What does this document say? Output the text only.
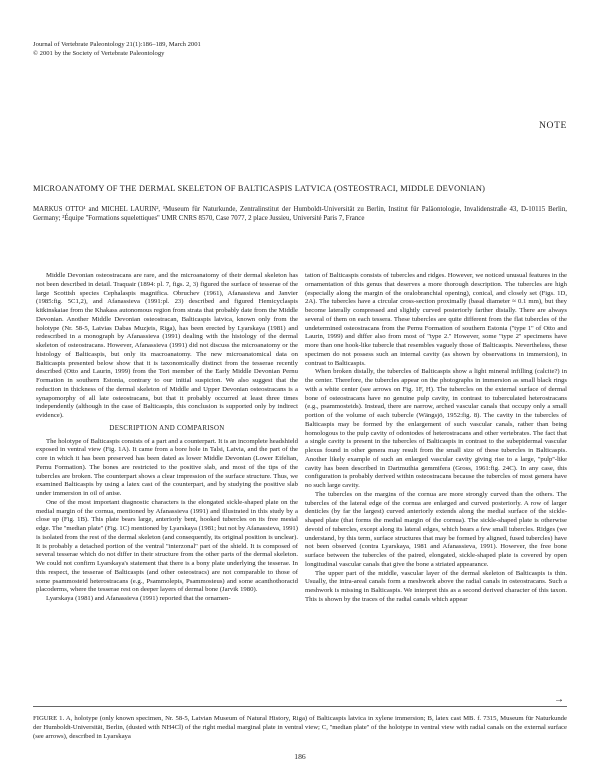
Journal of Vertebrate Paleontology 21(1):186–189, March 2001
© 2001 by the Society of Vertebrate Paleontology
NOTE
MICROANATOMY OF THE DERMAL SKELETON OF BALTICASPIS LATVICA (OSTEOSTRACI, MIDDLE DEVONIAN)
MARKUS OTTO¹ and MICHEL LAURIN², ¹Museum für Naturkunde, Zentralinstitut der Humboldt-Universität zu Berlin, Institut für Paläontologie, Invalidenstraße 43, D-10115 Berlin, Germany; ²Équipe ''Formations squelettiques'' UMR CNRS 8570, Case 7077, 2 place Jussieu, Université Paris 7, France

Middle Devonian osteostracans are rare, and the microanatomy of their dermal skeleton has not been described in detail. Traquair (1894: pl. 7, figs. 2, 3) figured the surface of tesserae of the large Scottish species Cephalaspis magnifica. Obruchev (1961), Afanassieva and Janvier (1985:fig. 5C1,2), and Afanassieva (1991:pl. 23) described and figured Hemicyclaspis kitkinskaiae from the Khakass autonomous region from strata that probably date from the Middle Devonian. Another Middle Devonian osteostracan, Balticaspis latvica, known only from the holotype (Nr. 58-5, Latvias Dabas Muzjeis, Riga), has been erected by Lyarskaya (1981) and redescribed in a monograph by Afanassieva (1991) dealing with the histology of the dermal skeleton of osteostracans. However, Afanassieva (1991) did not discuss the microanatomy or the histology of Balticaspis, but only its macroanatomy. The new microanatomical data on Balticaspis presented below show that it is taxonomically distinct from the tesserae recently described (Otto and Laurin, 1999) from the Tori member of the Early Middle Devonian Pernu Formation in southern Estonia, contrary to our initial suspicion. We also suggest that the reduction in thickness of the dermal skeleton of Middle and Upper Devonian osteostracans is a synapomorphy of all late osteostracans, but that it probably occurred at least three times independently (although in the case of Balticaspis, this conclusion is supported only by indirect evidence).

DESCRIPTION AND COMPARISON

The holotype of Balticaspis consists of a part and a counterpart. It is an incomplete headshield exposed in ventral view (Fig. 1A). It came from a bore hole in Talsi, Latvia, and the part of the core in which it has been preserved has been dated as lower Middle Devonian (Lower Eifelian, Pernu Formation). The bones are restricted to the positive slab, and most of the tips of the tubercles are broken. The counterpart shows a clear impression of the surface structure. Thus, we examined Balticaspis by using a latex cast of the counterpart, and by studying the positive slab under immersion in oil of anise.

One of the most important diagnostic characters is the elongated sickle-shaped plate on the medial margin of the cornua, mentioned by Afanassieva (1991) and illustrated in this study by a close up (Fig. 1B). This plate bears large, anteriorly bent, hooked tubercles on its free mesial edge. The ''median plate'' (Fig. 1C) mentioned by Lyarskaya (1981; but not by Afanassieva, 1991) is isolated from the rest of the dermal skeleton (and consequently, its original position is unclear). It is probably a detached portion of the ventral ''interzonal'' part of the shield. It is composed of several tesserae which do not differ in their structure from the other parts of the dermal skeleton. We could not confirm Lyarskaya's statement that there is a bony plate underlying the tesserae. In this respect, the tesserae of Balticaspis (and other osteostracs) are not comparable to those of some psammosteid heterostracans (e.g., Psammolepis, Psammosteus) and some acanthothoracid placoderms, where the tesserae rest on deeper layers of dermal bone (Jarvik 1980).

Lyarskaya (1981) and Afanassieva (1991) reported that the ornamen-

tation of Balticaspis consists of tubercles and ridges. However, we noticed unusual features in the ornamentation of this genus that deserves a more thorough description. The tubercles are high (especially along the margin of the oralobranchial opening), conical, and closely set (Figs. 1D, 2A). The tubercles have a circular cross-section proximally (basal diameter ≈ 0.1 mm), but they become laterally compressed and slightly curved posteriorly farther distally. There are always several of them on each tessera. These tubercles are quite different from the flat tubercles of the undetermined osteostracans from the Pernu Formation of southern Estonia (''type 1'' of Otto and Laurin, 1999) and differ also from most of ''type 2.'' However, some ''type 2'' specimens have more than one hook-like tubercle that resembles vaguely those of Balticaspis. Nevertheless, these specimen do not possess such an internal cavity (as shown by observations in immersion), in contrast to Balticaspis.

When broken distally, the tubercles of Balticaspis show a light mineral infilling (calcite?) in the center. Therefore, the tubercles appear on the photographs in immersion as small black rings with a white center (see arrows on Fig. 1F, H). The tubercles on the external surface of dermal bone of osteostracans have no genuine pulp cavity, in contrast to tuberculated heterostracans (e.g., psammosteids). Instead, there are narrow, arched vascular canals that occupy only a small portion of the volume of each tubercle (Wängsjö, 1952:fig. 8). The cavity in the tubercles of Balticaspis may be formed by the enlargement of such vascular canals, rather than being homologous to the pulp cavity of odontodes of heterostracans and other vertebrates. The fact that a single cavity is present in the tubercles of Balticaspis in contrast to the subepidermal vascular plexus found in other genera may result from the small size of these tubercles in Balticaspis. Another likely example of such an enlarged vascular cavity giving rise to a large, ''pulp''-like cavity has been described in Dartmuthia gemmifera (Gross, 1961:fig. 24C). In any case, this configuration is probably derived within osteostracans because the tubercles of most genera have no such large cavity.

The tubercles on the margins of the cornua are more strongly curved than the others. The tubercles of the lateral edge of the cornua are enlarged and curved posteriorly. A row of larger denticles (by far the largest) curved anteriorly extends along the medial surface of the sickle-shaped plate (that forms the medial margin of the cornua). The sickle-shaped plate is otherwise devoid of tubercles, except along its lateral edges, which bears a few small tubercles. Ridges (we understand, by this term, surface structures that may be formed by aligned, fused tubercles) have not been observed (contra Lyarskaya, 1981 and Afanassieva, 1991). However, the free bone surface between the tubercles of the paired, elongated, sickle-shaped plate is covered by open longitudinal vascular canals that give the bone a striated appearance.

The upper part of the middle, vascular layer of the dermal skeleton of Balticaspis is thin. Usually, the intra-areal canals form a meshwork above the radial canals in osteostracans. Such a meshwork is missing in Balticaspis. We interpret this as a second derived character of this taxon. This is shown by the traces of the radial canals which appear

→
FIGURE 1. A, holotype (only known specimen, Nr. 58-5, Latvian Museum of Natural History, Riga) of Balticaspis latvica in xylene immersion; B, latex cast MB. f. 7315, Museum für Naturkunde der Humboldt-Universität, Berlin, (dusted with NH4Cl) of the right medial marginal plate in ventral view; C, ''median plate'' of the holotype in ventral view with radial canals on the external surface (see arrows), described in Lyarskaya
186
